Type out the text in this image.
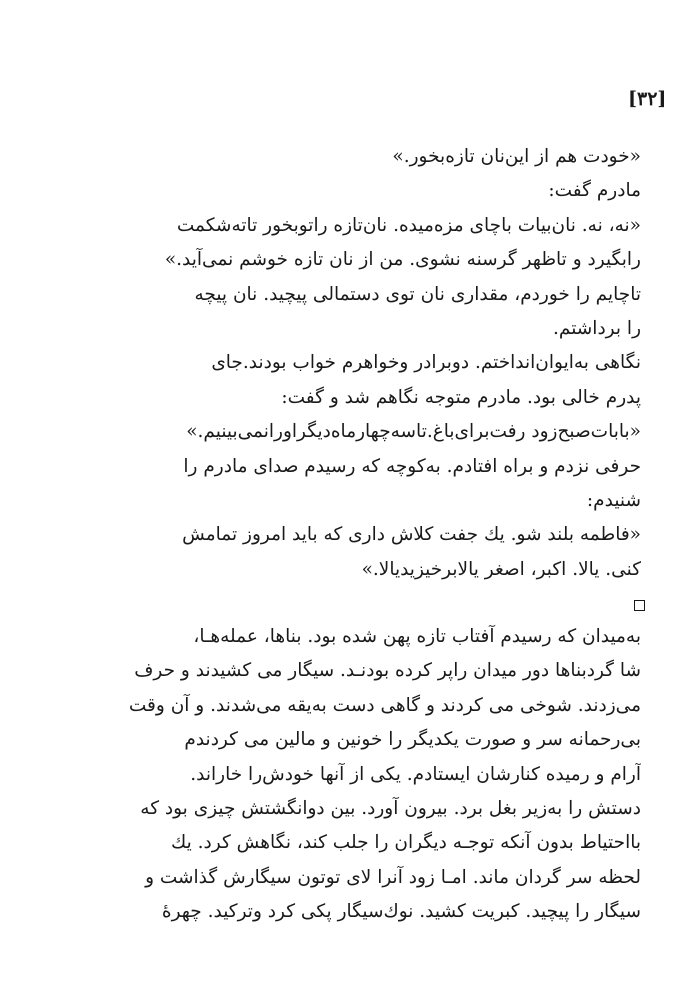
[۳۲]
«خودت هم از این‌نان تازه‌بخور.»
مادرم گفت:
«نه، نه. نان‌بیات باچای مزه‌میده. نان‌تازه راتوبخور تاته‌شکمت
رابگیرد و تاظهر گرسنه نشوی. من از نان تازه خوشم نمی‌آید.»
تاچایم را خوردم، مقداری نان توی دستمالی پیچید. نان پیچه
را برداشتم.
نگاهی به‌ایوان‌انداختم. دوبرادر وخواهرم خواب بودند.جای
پدرم خالی بود. مادرم متوجه نگاهم شد و گفت:
«بابات‌صبح‌زود رفت‌برای‌باغ.تاسه‌چهارماه‌دیگراورانمی‌بینیم.»
حرفی نزدم و براه افتادم. به‌کوچه که رسیدم صدای مادرم را
شنیدم:
«فاطمه بلند شو. یك جفت كلاش داری که باید امروز تمامش
کنی. یالا. اکبر، اصغر یالابرخیزیدیالا.»
به‌میدان که رسیدم آفتاب تازه پهن شده بود. بناها، عمله‌هـا،
شا گردبناها دور میدان راپر کرده بودنـد. سیگار می کشیدند و حرف
می‌زدند. شوخی می کردند و گاهی دست به‌یقه می‌شدند. و آن وقت
بی‌رحمانه سر و صورت یکدیگر را خونین و مالین می کردندم
آرام و رمیده کنارشان ایستادم. یکی از آنها خودش‌را خاراند.
دستش را به‌زیر بغل برد. بیرون آورد. بین دوانگشتش چیزی بود که
بااحتیاط بدون آنکه توجـه دیگران را جلب کند، نگاهش کرد. یك
لحظه سر گردان ماند. امـا زود آنرا لای توتون سیگارش گذاشت و
سیگار را پیچید. کبریت کشید. نوك‌سیگار پکی کرد وترکید. چهرهٔ
